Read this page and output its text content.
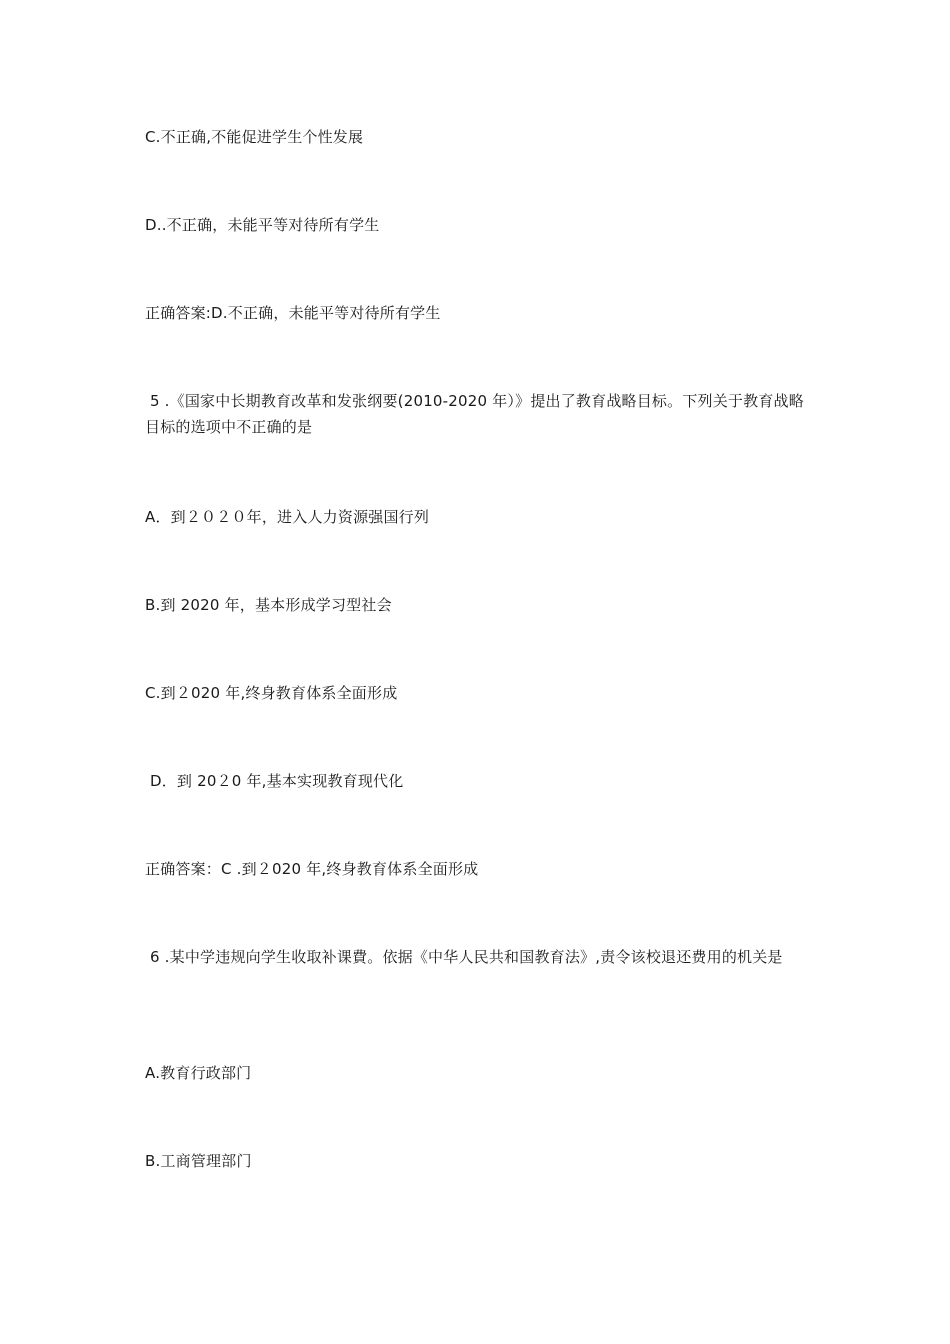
C.不正确,不能促进学生个性发展
D..不正确，未能平等对待所有学生
正确答案:D.不正确，未能平等对待所有学生
5 .《国家中长期教育改革和发张纲要(2010-2020 年）》提出了教育战略目标。下列关于教育战略目标的选项中不正确的是
A．到２０２０年，进入人力资源强国行列
B.到 2020 年，基本形成学习型社会
C.到２020 年,终身教育体系全面形成
D．到 20２0 年,基本实现教育现代化
正确答案：C .到２020 年,终身教育体系全面形成
6 .某中学违规向学生收取补课費。依据《中华人民共和国教育法》,责令该校退还费用的机关是
A.教育行政部门
B.工商管理部门
